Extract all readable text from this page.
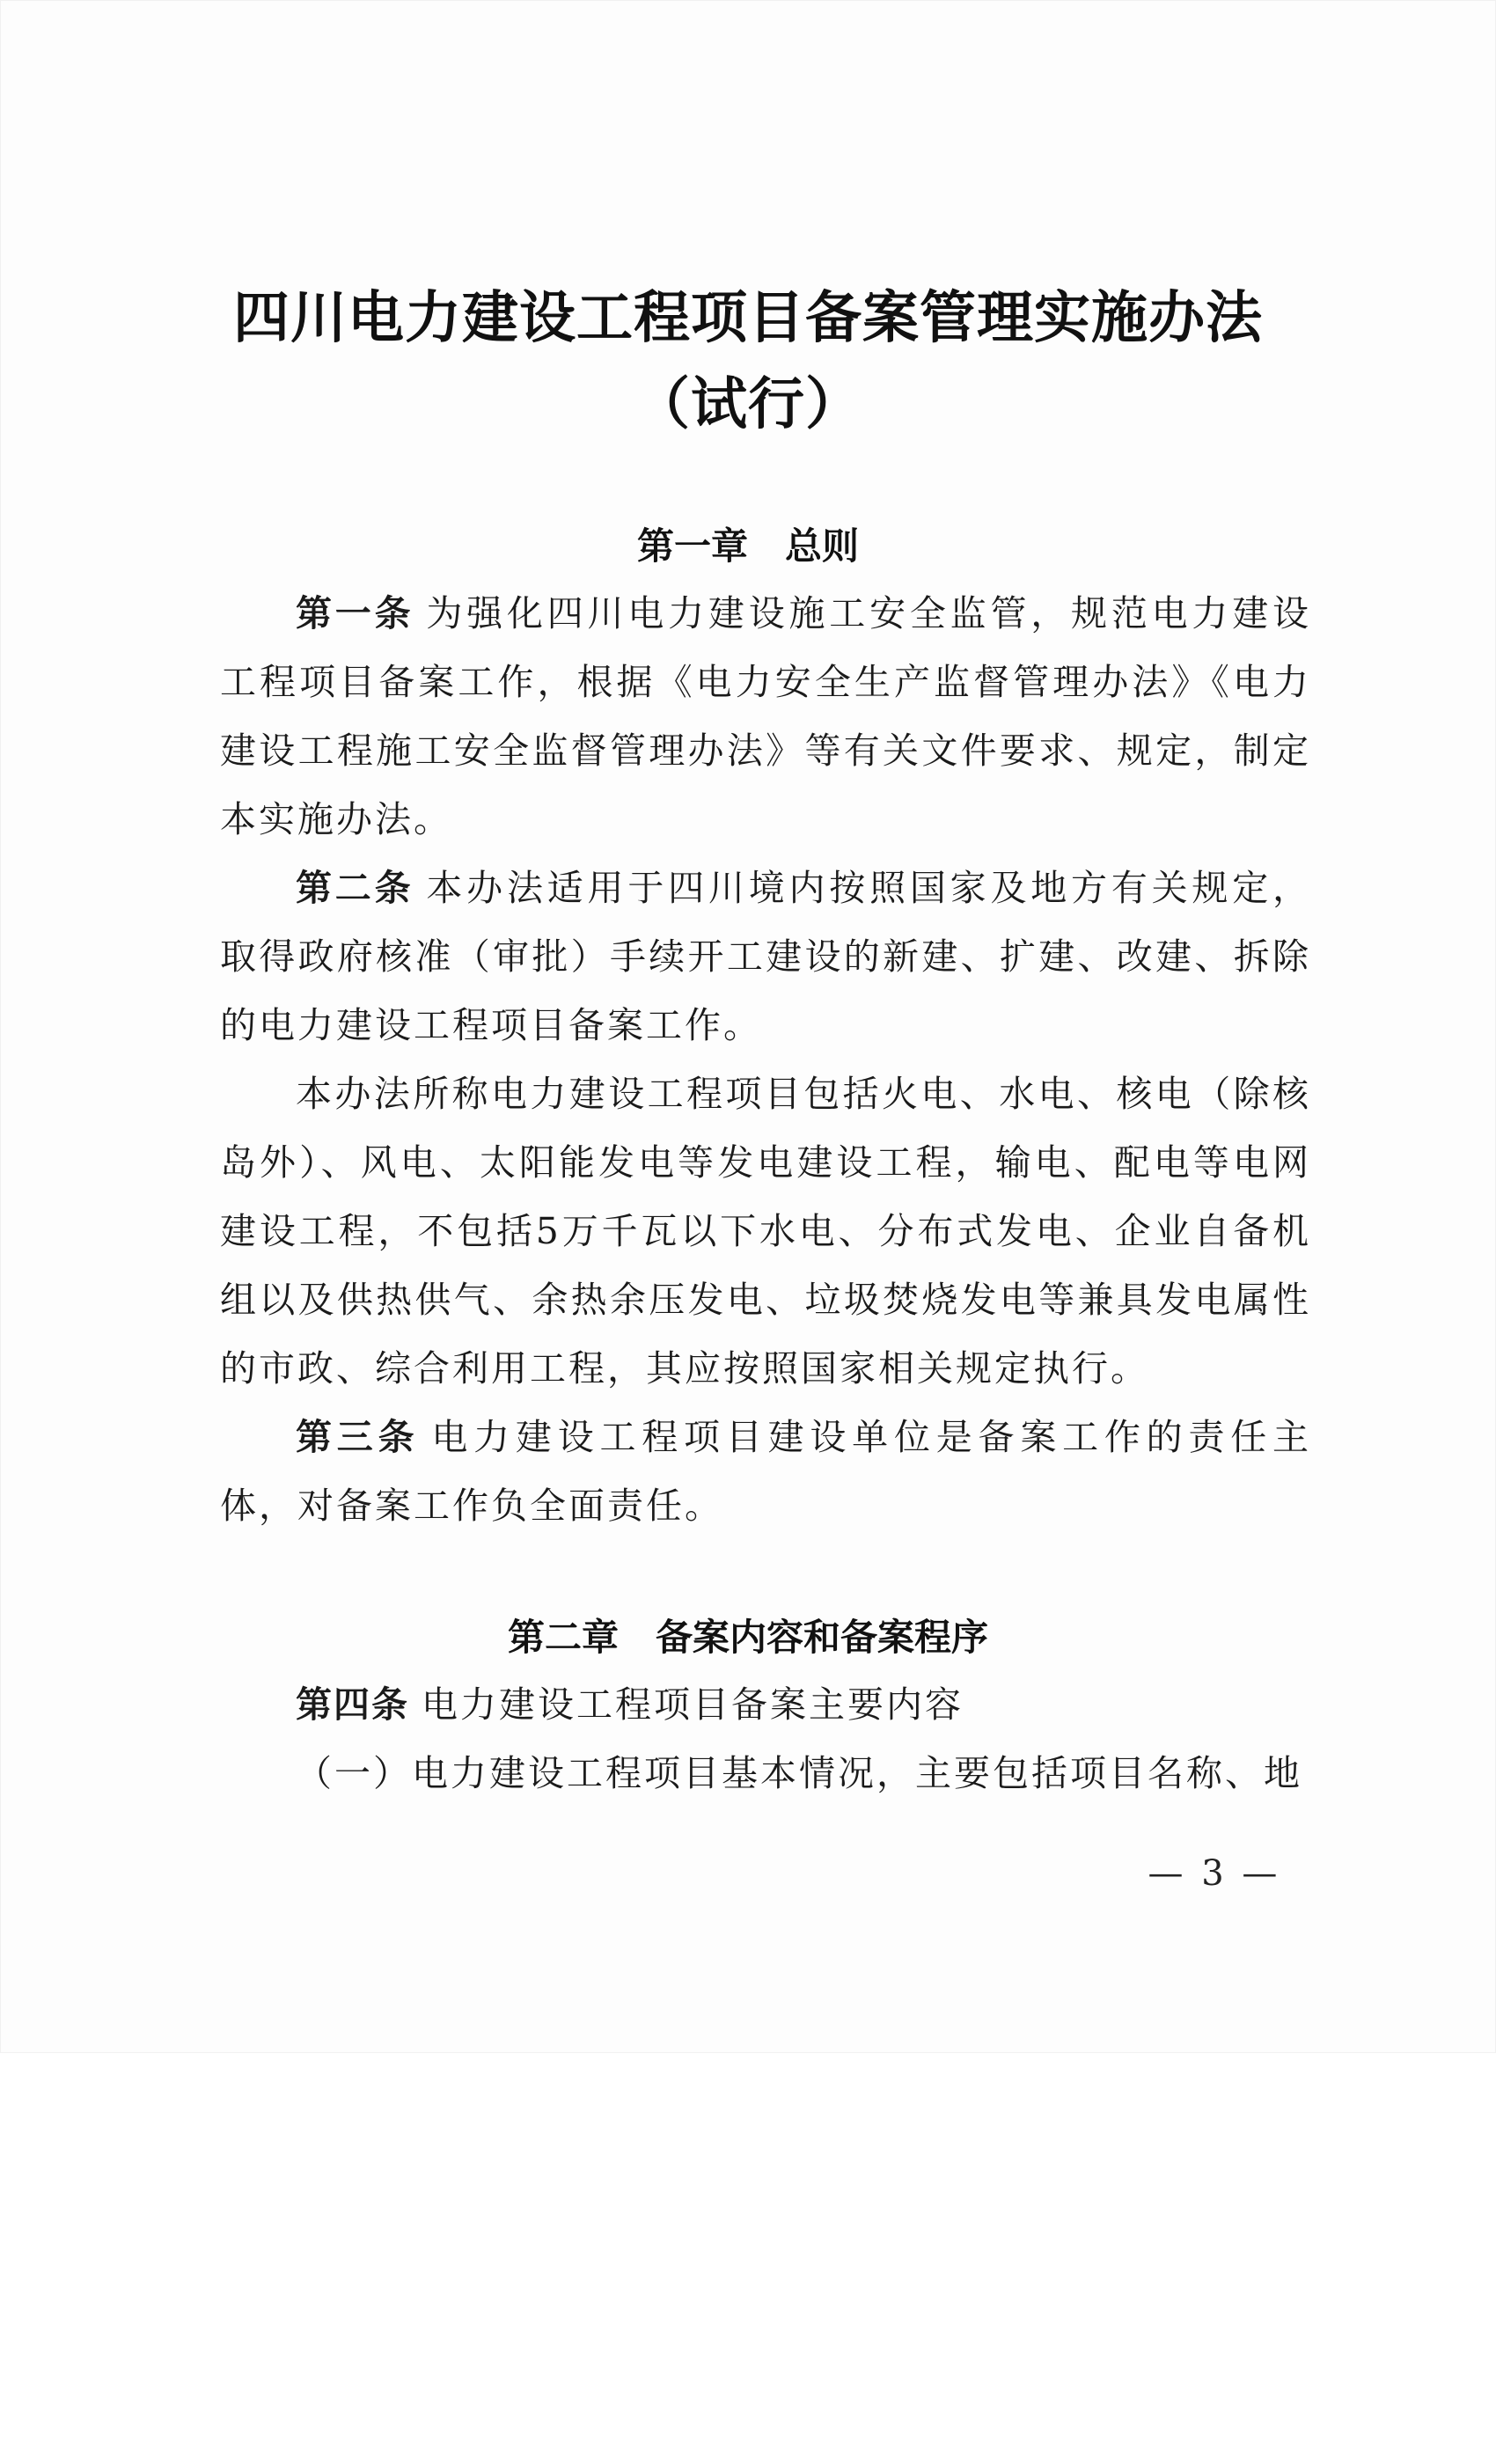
四川电力建设工程项目备案管理实施办法
（试行）
第一章　总则

第一条 为强化四川电力建设施工安全监管，规范电力建设工程项目备案工作，根据《电力安全生产监督管理办法》《电力建设工程施工安全监督管理办法》等有关文件要求、规定，制定本实施办法。

第二条 本办法适用于四川境内按照国家及地方有关规定，取得政府核准（审批）手续开工建设的新建、扩建、改建、拆除的电力建设工程项目备案工作。

本办法所称电力建设工程项目包括火电、水电、核电（除核岛外）、风电、太阳能发电等发电建设工程，输电、配电等电网建设工程，不包括5万千瓦以下水电、分布式发电、企业自备机组以及供热供气、余热余压发电、垃圾焚烧发电等兼具发电属性的市政、综合利用工程，其应按照国家相关规定执行。

第三条 电力建设工程项目建设单位是备案工作的责任主体，对备案工作负全面责任。

第二章　备案内容和备案程序

第四条 电力建设工程项目备案主要内容

（一）电力建设工程项目基本情况，主要包括项目名称、地

— 3 —
